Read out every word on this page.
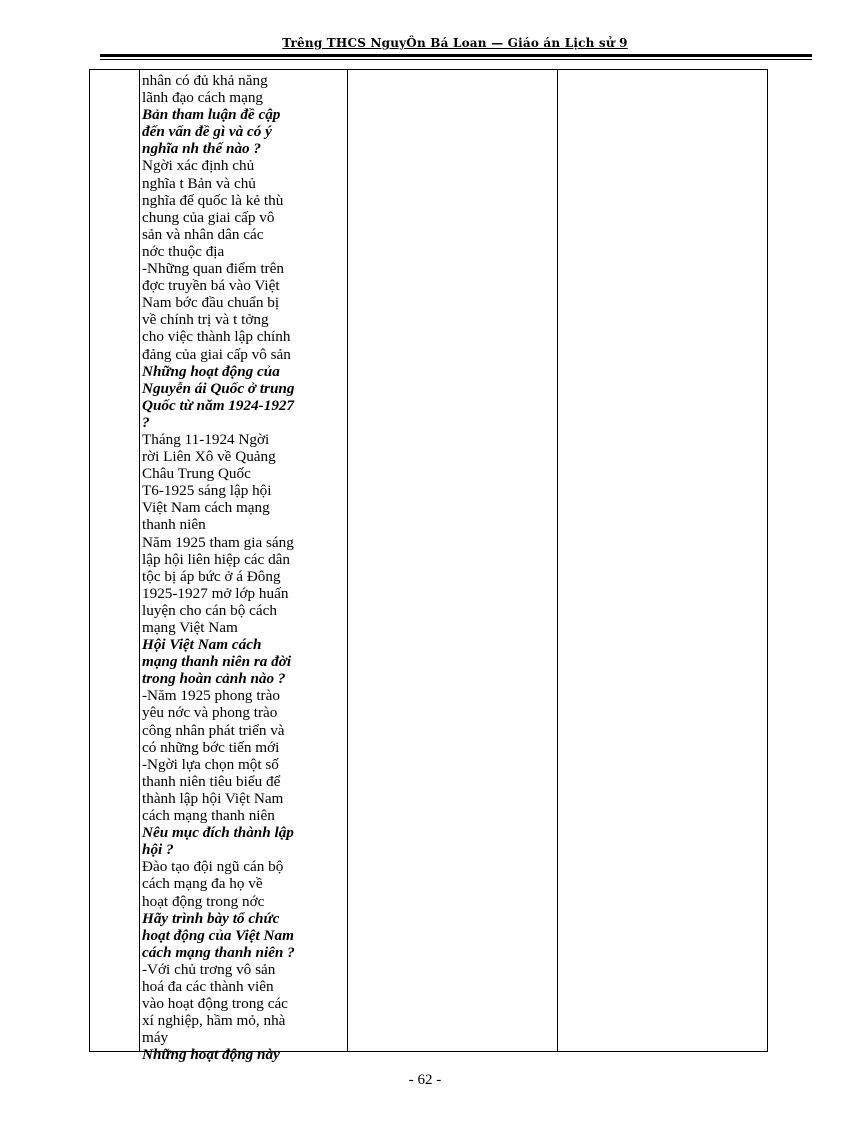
Trêng THCS NguyÔn Bá Loan — Giáo án Lịch sử 9

nhân có đủ khả năng
lãnh đạo cách mạng
Bản tham luận đề cập
đến vấn đề gì và có ý
nghĩa nh thế nào ?
Ngời xác định chủ
nghĩa t Bản và chủ
nghĩa đế quốc là kẻ thù
chung của giai cấp vô
sản và nhân dân các
nớc thuộc địa
-Những quan điểm trên
đợc truyền bá vào Việt
Nam bớc đầu chuẩn bị
về chính trị và t tởng
cho việc thành lập chính
đảng của giai cấp vô sản
Những hoạt động của
Nguyễn ái Quốc ở trung
Quốc từ năm 1924-1927
?
Tháng 11-1924 Ngời
rời Liên Xô về Quảng
Châu Trung Quốc
T6-1925 sáng lập hội
Việt Nam cách mạng
thanh niên
Năm 1925 tham gia sáng
lập hội liên hiệp các dân
tộc bị áp bức ở á Đông
1925-1927 mở lớp huấn
luyện cho cán bộ cách
mạng Việt Nam
Hội Việt Nam cách
mạng thanh niên ra đời
trong hoàn cảnh nào ?
-Năm 1925 phong trào
yêu nớc và phong trào
công nhân phát triển và
có những bớc tiến mới
-Ngời lựa chọn một số
thanh niên tiêu biểu để
thành lập hội Việt Nam
cách mạng thanh niên
Nêu mục đích thành lập
hội ?
Đào tạo đội ngũ cán bộ
cách mạng đa họ về
hoạt động trong nớc
Hãy trình bày tổ chức
hoạt động của Việt Nam
cách mạng thanh niên ?
-Với chủ trơng vô sản
hoá đa các thành viên
vào hoạt động trong các
xí nghiệp, hầm mỏ, nhà
máy
Những hoạt động này

- 62 -
